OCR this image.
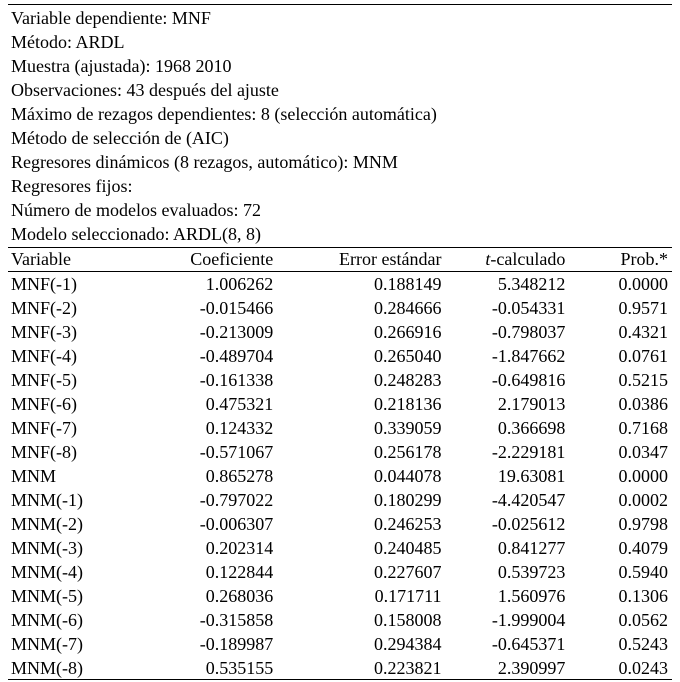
Variable dependiente: MNF
Método: ARDL
Muestra (ajustada): 1968 2010
Observaciones: 43 después del ajuste
Máximo de rezagos dependientes: 8 (selección automática)
Método de selección de (AIC)
Regresores dinámicos (8 rezagos, automático): MNM
Regresores fijos:
Número de modelos evaluados: 72
Modelo seleccionado: ARDL(8, 8)
Variable	Coeficiente	Error estándar	t-calculado	Prob.*
MNF(-1)	1.006262	0.188149	5.348212	0.0000
MNF(-2)	-0.015466	0.284666	-0.054331	0.9571
MNF(-3)	-0.213009	0.266916	-0.798037	0.4321
MNF(-4)	-0.489704	0.265040	-1.847662	0.0761
MNF(-5)	-0.161338	0.248283	-0.649816	0.5215
MNF(-6)	0.475321	0.218136	2.179013	0.0386
MNF(-7)	0.124332	0.339059	0.366698	0.7168
MNF(-8)	-0.571067	0.256178	-2.229181	0.0347
MNM	0.865278	0.044078	19.63081	0.0000
MNM(-1)	-0.797022	0.180299	-4.420547	0.0002
MNM(-2)	-0.006307	0.246253	-0.025612	0.9798
MNM(-3)	0.202314	0.240485	0.841277	0.4079
MNM(-4)	0.122844	0.227607	0.539723	0.5940
MNM(-5)	0.268036	0.171711	1.560976	0.1306
MNM(-6)	-0.315858	0.158008	-1.999004	0.0562
MNM(-7)	-0.189987	0.294384	-0.645371	0.5243
MNM(-8)	0.535155	0.223821	2.390997	0.0243
